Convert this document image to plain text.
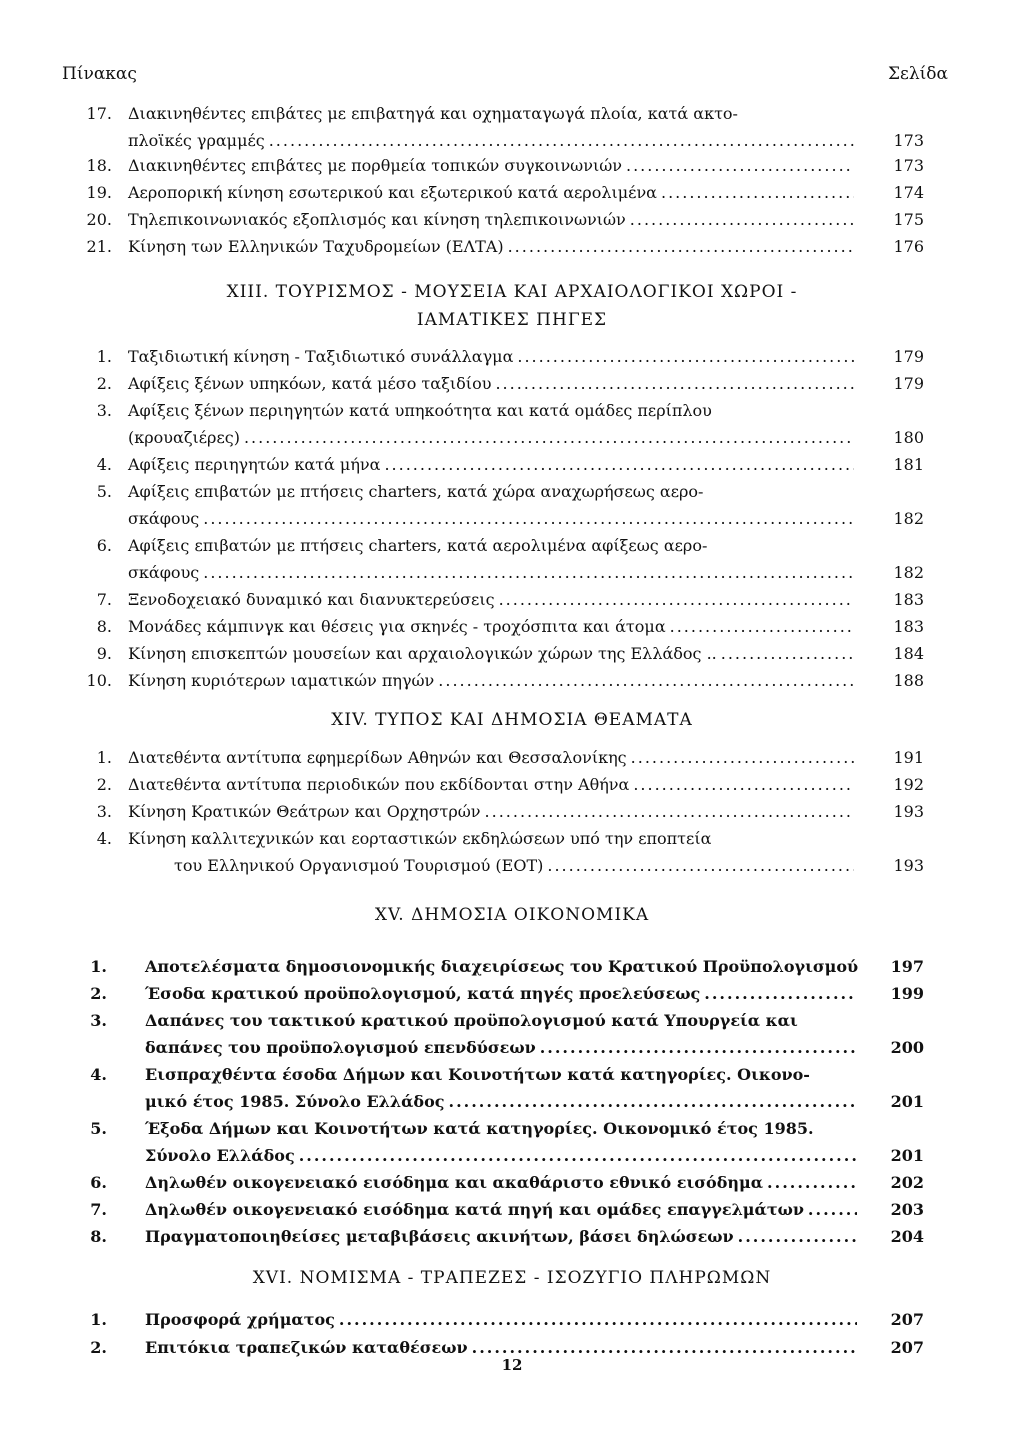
Πίνακας	Σελίδα
17. Διακινηθέντες επιβάτες με επιβατηγά και οχηματαγωγά πλοία, κατά ακτο-
πλοϊκές γραμμές .....	173
18. Διακινηθέντες επιβάτες με πορθμεία τοπικών συγκοινωνιών .....	173
19. Αεροπορική κίνηση εσωτερικού και εξωτερικού κατά αερολιμένα .....	174
20. Τηλεπικοινωνιακός εξοπλισμός και κίνηση τηλεπικοινωνιών .....	175
21. Κίνηση των Ελληνικών Ταχυδρομείων (ΕΛΤΑ) .....	176
XIII. ΤΟΥΡΙΣΜΟΣ - ΜΟΥΣΕΙΑ ΚΑΙ ΑΡΧΑΙΟΛΟΓΙΚΟΙ ΧΩΡΟΙ -
ΙΑΜΑΤΙΚΕΣ ΠΗΓΕΣ
1. Ταξιδιωτική κίνηση - Ταξιδιωτικό συνάλλαγμα .....	179
2. Αφίξεις ξένων υπηκόων, κατά μέσο ταξιδίου .....	179
3. Αφίξεις ξένων περιηγητών κατά υπηκοότητα και κατά ομάδες περίπλου
(κρουαζιέρες) .....	180
4. Αφίξεις περιηγητών κατά μήνα .....	181
5. Αφίξεις επιβατών με πτήσεις charters, κατά χώρα αναχωρήσεως αερο-
σκάφους .....	182
6. Αφίξεις επιβατών με πτήσεις charters, κατά αερολιμένα αφίξεως αερο-
σκάφους .....	182
7. Ξενοδοχειακό δυναμικό και διανυκτερεύσεις .....	183
8. Μονάδες κάμπινγκ και θέσεις για σκηνές - τροχόσπιτα και άτομα .....	183
9. Κίνηση επισκεπτών μουσείων και αρχαιολογικών χώρων της Ελλάδος .. .....	184
10. Κίνηση κυριότερων ιαματικών πηγών .....	188
XIV. ΤΥΠΟΣ ΚΑΙ ΔΗΜΟΣΙΑ ΘΕΑΜΑΤΑ
1. Διατεθέντα αντίτυπα εφημερίδων Αθηνών και Θεσσαλονίκης .....	191
2. Διατεθέντα αντίτυπα περιοδικών που εκδίδονται στην Αθήνα .....	192
3. Κίνηση Κρατικών Θεάτρων και Ορχηστρών .....	193
4. Κίνηση καλλιτεχνικών και εορταστικών εκδηλώσεων υπό την εποπτεία
του Ελληνικού Οργανισμού Τουρισμού (ΕΟΤ) .....	193
XV. ΔΗΜΟΣΙΑ ΟΙΚΟΝΟΜΙΚΑ
1. Αποτελέσματα δημοσιονομικής διαχειρίσεως του Κρατικού Προϋπολογισμού	197
2. Έσοδα κρατικού προϋπολογισμού, κατά πηγές προελεύσεως .....	199
3. Δαπάνες του τακτικού κρατικού προϋπολογισμού κατά Υπουργεία και
δαπάνες του προϋπολογισμού επενδύσεων .....	200
4. Εισπραχθέντα έσοδα Δήμων και Κοινοτήτων κατά κατηγορίες. Οικονο-
μικό έτος 1985. Σύνολο Ελλάδος .....	201
5. Έξοδα Δήμων και Κοινοτήτων κατά κατηγορίες. Οικονομικό έτος 1985.
Σύνολο Ελλάδος .....	201
6. Δηλωθέν οικογενειακό εισόδημα και ακαθάριστο εθνικό εισόδημα .....	202
7. Δηλωθέν οικογενειακό εισόδημα κατά πηγή και ομάδες επαγγελμάτων .....	203
8. Πραγματοποιηθείσες μεταβιβάσεις ακινήτων, βάσει δηλώσεων .....	204
XVI. ΝΟΜΙΣΜΑ - ΤΡΑΠΕΖΕΣ - ΙΣΟΖΥΓΙΟ ΠΛΗΡΩΜΩΝ
1. Προσφορά χρήματος .....	207
2. Επιτόκια τραπεζικών καταθέσεων .....	207
12
